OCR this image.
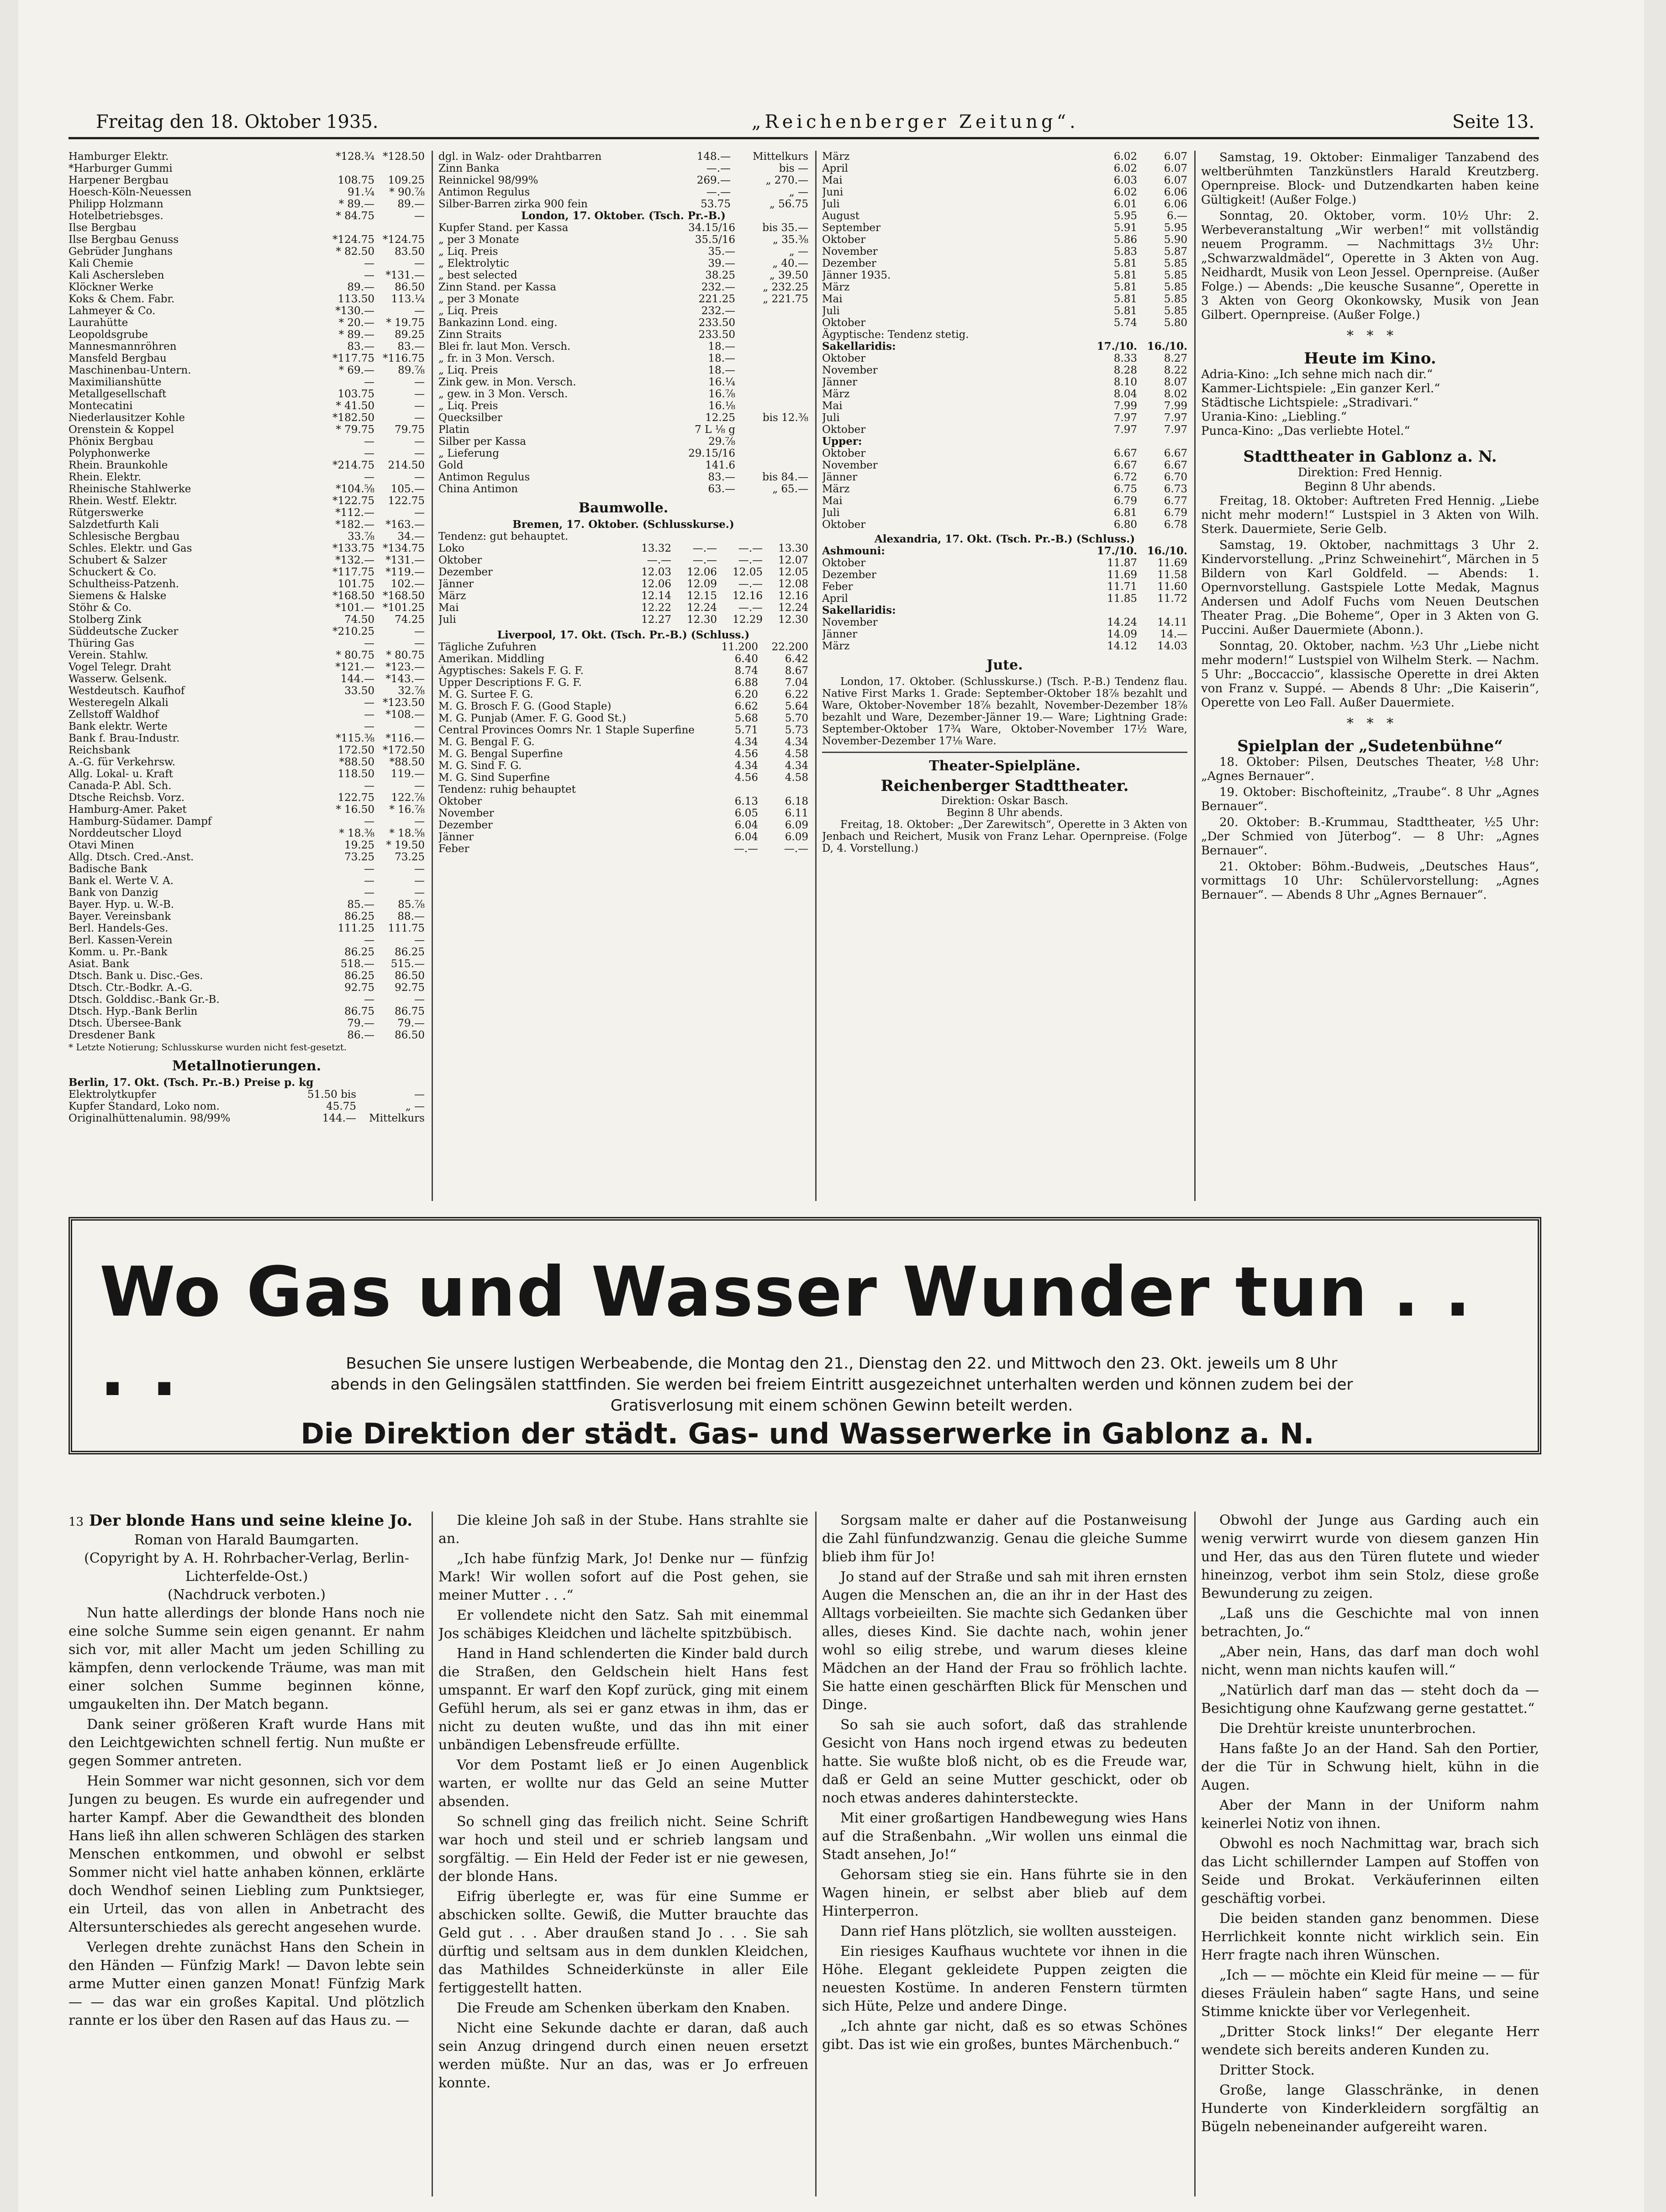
Freitag den 18. Oktober 1935.	„Reichenberger Zeitung“.	Seite 13.
Hamburger Elektr.	*128.¾ *128.50
*Harburger Gummi
Harpener Bergbau	108.75	109.25
Hoesch-Köln-Neuessen	91.¼	* 90.⅞
Philipp Holzmann	* 89.—	89.—
Hotelbetriebsges.	* 84.75	—
Ilse Bergbau
Ilse Bergbau Genuss	*124.75 *124.75
Gebrüder Junghans	* 82.50	83.50
Kali Chemie	—	—
Kali Aschersleben	—	*131.—
Klöckner Werke	89.—	86.50
Koks & Chem. Fabr.	113.50	113.¼
Lahmeyer & Co.	*130.—	—
Laurahütte	* 20.—	* 19.75
Leopoldsgrube	* 89.—	89.25
Mannesmannröhren	83.—	83.—
Mansfeld Bergbau	*117.75 *116.75
Maschinenbau-Untern.	* 69.—	89.⅞
Maximilianshütte	—	—
Metallgesellschaft	103.75	—
Montecatini	* 41.50	—
Niederlausitzer Kohle	*182.50	—
Orenstein & Koppel	* 79.75	79.75
Phönix Bergbau	—	—
Polyphonwerke	—	—
Rhein. Braunkohle	*214.75	214.50
Rhein. Elektr.	—	—
Rheinische Stahlwerke	*104.⅝	105.—
Rhein. Westf. Elektr.	*122.75	122.75
Rütgerswerke	*112.—	—
Salzdetfurth Kali	*182.—	*163.—
Schlesische Bergbau	33.⅞	34.—
Schles. Elektr. und Gas	*133.75 *134.75
Schubert & Salzer	*132.—	*131.—
Schuckert & Co.	*117.75	*119.—
Schultheiss-Patzenh.	101.75	102.—
Siemens & Halske	*168.50 *168.50
Stöhr & Co.	*101.— *101.25
Stolberg Zink	74.50	74.25
Süddeutsche Zucker	*210.25	—
Thüring Gas	—	—
Verein. Stahlw.	* 80.75	* 80.75
Vogel Telegr. Draht	*121.—	*123.—
Wasserw. Gelsenk.	144.—	*143.—
Westdeutsch. Kaufhof	33.50	32.⅞
Westeregeln Alkali	— *123.50
Zellstoff Waldhof	—	*108.—
Bank elektr. Werte	—	—
Bank f. Brau-Industr.	*115.⅜	*116.—
Reichsbank	172.50 *172.50
A.-G. für Verkehrsw.	*88.50	*88.50
Allg. Lokal- u. Kraft	118.50	119.—
Canada-P. Abl. Sch.	—	—
Dtsche Reichsb. Vorz.	122.75	122.⅞
Hamburg-Amer. Paket	* 16.50	* 16.⅞
Hamburg-Südamer. Dampf	—	—
Norddeutscher Lloyd	* 18.⅜	* 18.⅝
Otavi Minen	19.25	* 19.50
Allg. Dtsch. Cred.-Anst.	73.25	73.25
Badische Bank	—	—
Bank el. Werte V. A.	—	—
Bank von Danzig	—	—
Bayer. Hyp. u. W.-B.	85.—	85.⅞
Bayer. Vereinsbank	86.25	88.—
Berl. Handels-Ges.	111.25	111.75
Berl. Kassen-Verein	—	—
Komm. u. Pr.-Bank	86.25	86.25
Asiat. Bank	518.—	515.—
Dtsch. Bank u. Disc.-Ges.	86.25	86.50
Dtsch. Ctr.-Bodkr. A.-G.	92.75	92.75
Dtsch. Golddisc.-Bank Gr.-B.	—	—
Dtsch. Hyp.-Bank Berlin	86.75	86.75
Dtsch. Übersee-Bank	79.—	79.—
Dresdener Bank	86.—	86.50
* Letzte Notierung; Schlusskurse wurden nicht fest-gesetzt.
Metallnotierungen.
Berlin, 17. Okt. (Tsch. Pr.-B.) Preise p. kg
Elektrolytkupfer	51.50 bis	—
Kupfer Standard, Loko nom.	45.75	„ —
Originalhüttenalumin. 98/99%	144.—	Mittelkurs
dgl. in Walz- oder Drahtbarren	148.—	Mittelkurs
Zinn Banka	—.—	bis —
Reinnickel 98/99%	269.—	„ 270.—
Antimon Regulus	—.—	„ —
Silber-Barren zirka 900 fein	53.75	„ 56.75
London, 17. Oktober. (Tsch. Pr.-B.)
Kupfer Stand. per Kassa	34.15/16	bis 35.—
„ per 3 Monate	35.5/16	„ 35.⅜
„ Liq. Preis	35.—	„ —
„ Elektrolytic	39.—	„ 40.—
„ best selected	38.25	„ 39.50
Zinn Stand. per Kassa	232.—	„ 232.25
„ per 3 Monate	221.25	„ 221.75
„ Liq. Preis	232.—
Bankazinn Lond. eing.	233.50
Zinn Straits	233.50
Blei fr. laut Mon. Versch.	18.—
„ fr. in 3 Mon. Versch.	18.—
„ Liq. Preis	18.—
Zink gew. in Mon. Versch.	16.¼
„ gew. in 3 Mon. Versch.	16.⅞
„ Liq. Preis	16.⅛
Quecksilber	12.25	bis 12.⅜
Platin	7 L ⅛ g
Silber per Kassa	29.⅞
„ Lieferung	29.15/16
Gold	141.6
Antimon Regulus	83.—	bis 84.—
China Antimon	63.—	„ 65.—
Baumwolle.
Bremen, 17. Oktober. (Schlusskurse.)
Tendenz: gut behauptet.
Loko	13.32	—.—	—.—	13.30
Oktober	—.—	—.—	—.—	12.07
Dezember	12.03	12.06	12.05	12.05
Jänner	12.06	12.09	—.—	12.08
März	12.14	12.15	12.16	12.16
Mai	12.22	12.24	—.—	12.24
Juli	12.27	12.30	12.29	12.30
Liverpool, 17. Okt. (Tsch. Pr.-B.) (Schluss.)
Tägliche Zufuhren	11.200	22.200
Amerikan. Middling	6.40	6.42
Ägyptisches: Sakels F. G. F.	8.74	8.67
Upper Descriptions F. G. F.	6.88	7.04
M. G. Surtee F. G.	6.20	6.22
M. G. Brosch F. G. (Good Staple)	6.62	5.64
M. G. Punjab (Amer. F. G. Good St.)	5.68	5.70
Central Provinces Oomrs Nr. 1 Staple Superfine	5.71	5.73
M. G. Bengal F. G.	4.34	4.34
M. G. Bengal Superfine	4.56	4.58
M. G. Sind F. G.	4.34	4.34
M. G. Sind Superfine	4.56	4.58
Tendenz: ruhig behauptet
Oktober	6.13	6.18
November	6.05	6.11
Dezember	6.04	6.09
Jänner	6.04	6.09
Feber	—.—	—.—
März	6.02	6.07
April	6.02	6.07
Mai	6.03	6.07
Juni	6.02	6.06
Juli	6.01	6.06
August	5.95	6.—
September	5.91	5.95
Oktober	5.86	5.90
November	5.83	5.87
Dezember	5.81	5.85
Jänner 1935.	5.81	5.85
März	5.81	5.85
Mai	5.81	5.85
Juli	5.81	5.85
Oktober	5.74	5.80
Ägyptische: Tendenz stetig.
Sakellaridis:	17./10. 16./10.
Oktober	8.33	8.27
November	8.28	8.22
Jänner	8.10	8.07
März	8.04	8.02
Mai	7.99	7.99
Juli	7.97	7.97
Oktober	7.97	7.97
Upper:
Oktober	6.67	6.67
November	6.67	6.67
Jänner	6.72	6.70
März	6.75	6.73
Mai	6.79	6.77
Juli	6.81	6.79
Oktober	6.80	6.78
Alexandria, 17. Okt. (Tsch. Pr.-B.) (Schluss.)
Ashmouni:	17./10. 16./10.
Oktober	11.87	11.69
Dezember	11.69	11.58
Feber	11.71	11.60
April	11.85	11.72
Sakellaridis:
November	14.24	14.11
Jänner	14.09	14.—
März	14.12	14.03
Jute.
London, 17. Oktober. (Schlusskurse.) (Tsch. P.-B.) Tendenz flau. Native First Marks 1. Grade: September-Oktober 18⅞ bezahlt und Ware, Oktober-November 18⅞ bezahlt, November-Dezember 18⅞ bezahlt und Ware, Dezember-Jänner 19.— Ware; Lightning Grade: September-Oktober 17¾ Ware, Oktober-November 17½ Ware, November-Dezember 17⅛ Ware.
Theater-Spielpläne.
Reichenberger Stadttheater.
Direktion: Oskar Basch.
Beginn 8 Uhr abends.
Freitag, 18. Oktober: „Der Zarewitsch“, Operette in 3 Akten von Jenbach und Reichert, Musik von Franz Lehar. Opernpreise. (Folge D, 4. Vorstellung.)
Samstag, 19. Oktober: Einmaliger Tanzabend des weltberühmten Tanzkünstlers Harald Kreutzberg. Opernpreise. Block- und Dutzendkarten haben keine Gültigkeit! (Außer Folge.)
Sonntag, 20. Oktober, vorm. 10½ Uhr: 2. Werbeveranstaltung „Wir werben!“ mit vollständig neuem Programm. — Nachmittags 3½ Uhr: „Schwarzwaldmädel“, Operette in 3 Akten von Aug. Neidhardt, Musik von Leon Jessel. Opernpreise. (Außer Folge.) — Abends: „Die keusche Susanne“, Operette in 3 Akten von Georg Okonkowsky, Musik von Jean Gilbert. Opernpreise. (Außer Folge.)
*   *   *
Heute im Kino.
Adria-Kino: „Ich sehne mich nach dir.“
Kammer-Lichtspiele: „Ein ganzer Kerl.“
Städtische Lichtspiele: „Stradivari.“
Urania-Kino: „Liebling.“
Punca-Kino: „Das verliebte Hotel.“
Stadttheater in Gablonz a. N.
Direktion: Fred Hennig.
Beginn 8 Uhr abends.
Freitag, 18. Oktober: Auftreten Fred Hennig. „Liebe nicht mehr modern!“ Lustspiel in 3 Akten von Wilh. Sterk. Dauermiete, Serie Gelb.
Samstag, 19. Oktober, nachmittags 3 Uhr 2. Kindervorstellung. „Prinz Schweinehirt“, Märchen in 5 Bildern von Karl Goldfeld. — Abends: 1. Opernvorstellung. Gastspiele Lotte Medak, Magnus Andersen und Adolf Fuchs vom Neuen Deutschen Theater Prag. „Die Boheme“, Oper in 3 Akten von G. Puccini. Außer Dauermiete (Abonn.).
Sonntag, 20. Oktober, nachm. ½3 Uhr „Liebe nicht mehr modern!“ Lustspiel von Wilhelm Sterk. — Nachm. 5 Uhr: „Boccaccio“, klassische Operette in drei Akten von Franz v. Suppé. — Abends 8 Uhr: „Die Kaiserin“, Operette von Leo Fall. Außer Dauermiete.
*   *   *
Spielplan der „Sudetenbühne“
18. Oktober: Pilsen, Deutsches Theater, ½8 Uhr: „Agnes Bernauer“.
19. Oktober: Bischofteinitz, „Traube“. 8 Uhr „Agnes Bernauer“.
20. Oktober: B.-Krummau, Stadttheater, ½5 Uhr: „Der Schmied von Jüterbog“. — 8 Uhr: „Agnes Bernauer“.
21. Oktober: Böhm.-Budweis, „Deutsches Haus“, vormittags 10 Uhr: Schülervorstellung: „Agnes Bernauer“. — Abends 8 Uhr „Agnes Bernauer“.
Wo Gas und Wasser Wunder tun . . . .	Besuchen Sie unsere lustigen Werbeabende, die Montag den 21., Dienstag den 22. und Mittwoch den 23. Okt. jeweils um 8 Uhr abends in den Gelingsälen stattfinden. Sie werden bei freiem Eintritt ausgezeichnet unterhalten werden und können zudem bei der Gratisverlosung mit einem schönen Gewinn beteilt werden.
Die Direktion der städt. Gas- und Wasserwerke in Gablonz a. N.
13 Der blonde Hans und seine kleine Jo.
Roman von Harald Baumgarten.
(Copyright by A. H. Rohrbacher-Verlag, Berlin-Lichterfelde-Ost.)
(Nachdruck verboten.)
Nun hatte allerdings der blonde Hans noch nie eine solche Summe sein eigen genannt. Er nahm sich vor, mit aller Macht um jeden Schilling zu kämpfen, denn verlockende Träume, was man mit einer solchen Summe beginnen könne, umgaukelten ihn. Der Match begann.
Dank seiner größeren Kraft wurde Hans mit den Leichtgewichten schnell fertig. Nun mußte er gegen Sommer antreten.
Hein Sommer war nicht gesonnen, sich vor dem Jungen zu beugen. Es wurde ein aufregender und harter Kampf. Aber die Gewandtheit des blonden Hans ließ ihn allen schweren Schlägen des starken Menschen entkommen, und obwohl er selbst Sommer nicht viel hatte anhaben können, erklärte doch Wendhof seinen Liebling zum Punktsieger, ein Urteil, das von allen in Anbetracht des Altersunterschiedes als gerecht angesehen wurde.
Verlegen drehte zunächst Hans den Schein in den Händen — Fünfzig Mark! — Davon lebte sein arme Mutter einen ganzen Monat! Fünfzig Mark — — das war ein großes Kapital. Und plötzlich rannte er los über den Rasen auf das Haus zu. —
Die kleine Joh saß in der Stube. Hans strahlte sie an.
„Ich habe fünfzig Mark, Jo! Denke nur — fünfzig Mark! Wir wollen sofort auf die Post gehen, sie meiner Mutter . . .“
Er vollendete nicht den Satz. Sah mit einemmal Jos schäbiges Kleidchen und lächelte spitzbübisch.
Hand in Hand schlenderten die Kinder bald durch die Straßen, den Geldschein hielt Hans fest umspannt. Er warf den Kopf zurück, ging mit einem Gefühl herum, als sei er ganz etwas in ihm, das er nicht zu deuten wußte, und das ihn mit einer unbändigen Lebensfreude erfüllte.
Vor dem Postamt ließ er Jo einen Augenblick warten, er wollte nur das Geld an seine Mutter absenden.
So schnell ging das freilich nicht. Seine Schrift war hoch und steil und er schrieb langsam und sorgfältig. — Ein Held der Feder ist er nie gewesen, der blonde Hans.
Eifrig überlegte er, was für eine Summe er abschicken sollte. Gewiß, die Mutter brauchte das Geld gut . . . Aber draußen stand Jo . . . Sie sah dürftig und seltsam aus in dem dunklen Kleidchen, das Mathildes Schneiderkünste in aller Eile fertiggestellt hatten.
Die Freude am Schenken überkam den Knaben.
Nicht eine Sekunde dachte er daran, daß auch sein Anzug dringend durch einen neuen ersetzt werden müßte. Nur an das, was er Jo erfreuen konnte.
Sorgsam malte er daher auf die Postanweisung die Zahl fünfundzwanzig. Genau die gleiche Summe blieb ihm für Jo!
Jo stand auf der Straße und sah mit ihren ernsten Augen die Menschen an, die an ihr in der Hast des Alltags vorbeieilten. Sie machte sich Gedanken über alles, dieses Kind. Sie dachte nach, wohin jener wohl so eilig strebe, und warum dieses kleine Mädchen an der Hand der Frau so fröhlich lachte. Sie hatte einen geschärften Blick für Menschen und Dinge.
So sah sie auch sofort, daß das strahlende Gesicht von Hans noch irgend etwas zu bedeuten hatte. Sie wußte bloß nicht, ob es die Freude war, daß er Geld an seine Mutter geschickt, oder ob noch etwas anderes dahintersteckte.
Mit einer großartigen Handbewegung wies Hans auf die Straßenbahn. „Wir wollen uns einmal die Stadt ansehen, Jo!“
Gehorsam stieg sie ein. Hans führte sie in den Wagen hinein, er selbst aber blieb auf dem Hinterperron.
Dann rief Hans plötzlich, sie wollten aussteigen.
Ein riesiges Kaufhaus wuchtete vor ihnen in die Höhe. Elegant gekleidete Puppen zeigten die neuesten Kostüme. In anderen Fenstern türmten sich Hüte, Pelze und andere Dinge.
„Ich ahnte gar nicht, daß es so etwas Schönes gibt. Das ist wie ein großes, buntes Märchenbuch.“
Obwohl der Junge aus Garding auch ein wenig verwirrt wurde von diesem ganzen Hin und Her, das aus den Türen flutete und wieder hineinzog, verbot ihm sein Stolz, diese große Bewunderung zu zeigen.
„Laß uns die Geschichte mal von innen betrachten, Jo.“
„Aber nein, Hans, das darf man doch wohl nicht, wenn man nichts kaufen will.“
„Natürlich darf man das — steht doch da — Besichtigung ohne Kaufzwang gerne gestattet.“
Die Drehtür kreiste ununterbrochen.
Hans faßte Jo an der Hand. Sah den Portier, der die Tür in Schwung hielt, kühn in die Augen.
Aber der Mann in der Uniform nahm keinerlei Notiz von ihnen.
Obwohl es noch Nachmittag war, brach sich das Licht schillernder Lampen auf Stoffen von Seide und Brokat. Verkäuferinnen eilten geschäftig vorbei.
Die beiden standen ganz benommen. Diese Herrlichkeit konnte nicht wirklich sein. Ein Herr fragte nach ihren Wünschen.
„Ich — — möchte ein Kleid für meine — — für dieses Fräulein haben“ sagte Hans, und seine Stimme knickte über vor Verlegenheit.
„Dritter Stock links!“ Der elegante Herr wendete sich bereits anderen Kunden zu.
Dritter Stock.
Große, lange Glasschränke, in denen Hunderte von Kinderkleidern sorgfältig an Bügeln nebeneinander aufgereiht waren.
